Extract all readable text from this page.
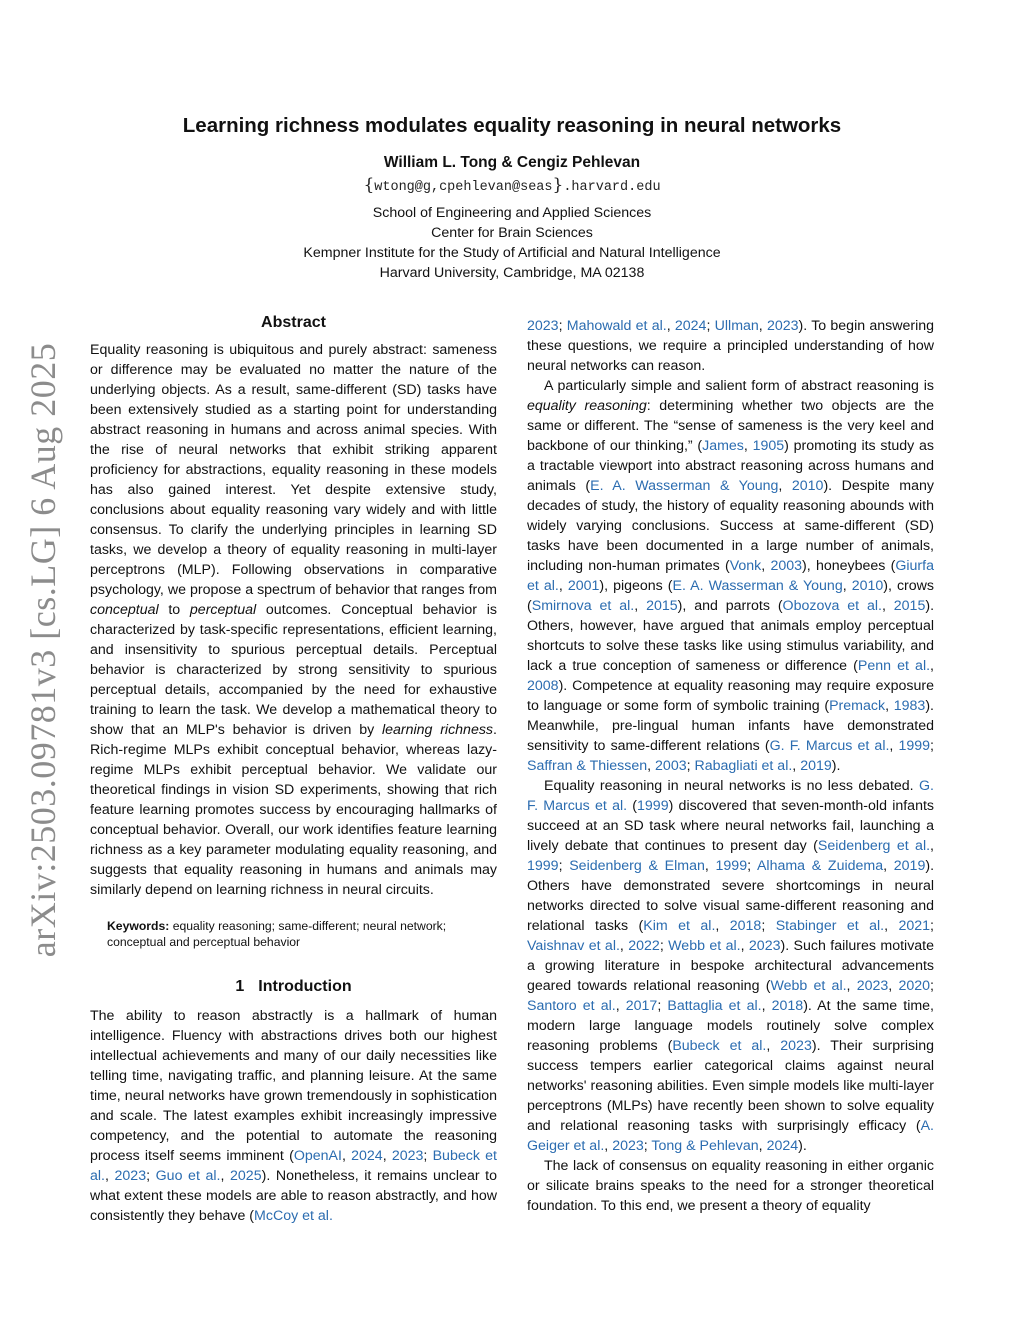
arXiv:2503.09781v3 [cs.LG] 6 Aug 2025
Learning richness modulates equality reasoning in neural networks
William L. Tong & Cengiz Pehlevan
{wtong@g,cpehlevan@seas}.harvard.edu
School of Engineering and Applied Sciences
Center for Brain Sciences
Kempner Institute for the Study of Artificial and Natural Intelligence
Harvard University, Cambridge, MA 02138
Abstract

Equality reasoning is ubiquitous and purely abstract: sameness or difference may be evaluated no matter the nature of the underlying objects. As a result, same-different (SD) tasks have been extensively studied as a starting point for understanding abstract reasoning in humans and across animal species. With the rise of neural networks that exhibit striking apparent proficiency for abstractions, equality reasoning in these models has also gained interest. Yet despite extensive study, conclusions about equality reasoning vary widely and with little consensus. To clarify the underlying principles in learning SD tasks, we develop a theory of equality reasoning in multi-layer perceptrons (MLP). Following observations in comparative psychology, we propose a spectrum of behavior that ranges from conceptual to perceptual outcomes. Conceptual behavior is characterized by task-specific representations, efficient learning, and insensitivity to spurious perceptual details. Perceptual behavior is characterized by strong sensitivity to spurious perceptual details, accompanied by the need for exhaustive training to learn the task. We develop a mathematical theory to show that an MLP's behavior is driven by learning richness. Rich-regime MLPs exhibit conceptual behavior, whereas lazy-regime MLPs exhibit perceptual behavior. We validate our theoretical findings in vision SD experiments, showing that rich feature learning promotes success by encouraging hallmarks of conceptual behavior. Overall, our work identifies feature learning richness as a key parameter modulating equality reasoning, and suggests that equality reasoning in humans and animals may similarly depend on learning richness in neural circuits.

Keywords: equality reasoning; same-different; neural network; conceptual and perceptual behavior
1 Introduction

The ability to reason abstractly is a hallmark of human intelligence. Fluency with abstractions drives both our highest intellectual achievements and many of our daily necessities like telling time, navigating traffic, and planning leisure. At the same time, neural networks have grown tremendously in sophistication and scale. The latest examples exhibit increasingly impressive competency, and the potential to automate the reasoning process itself seems imminent (OpenAI, 2024, 2023; Bubeck et al., 2023; Guo et al., 2025). Nonetheless, it remains unclear to what extent these models are able to reason abstractly, and how consistently they behave (McCoy et al.

2023; Mahowald et al., 2024; Ullman, 2023). To begin answering these questions, we require a principled understanding of how neural networks can reason.

A particularly simple and salient form of abstract reasoning is equality reasoning: determining whether two objects are the same or different. The “sense of sameness is the very keel and backbone of our thinking,” (James, 1905) promoting its study as a tractable viewport into abstract reasoning across humans and animals (E. A. Wasserman & Young, 2010). Despite many decades of study, the history of equality reasoning abounds with widely varying conclusions. Success at same-different (SD) tasks have been documented in a large number of animals, including non-human primates (Vonk, 2003), honeybees (Giurfa et al., 2001), pigeons (E. A. Wasserman & Young, 2010), crows (Smirnova et al., 2015), and parrots (Obozova et al., 2015). Others, however, have argued that animals employ perceptual shortcuts to solve these tasks like using stimulus variability, and lack a true conception of sameness or difference (Penn et al., 2008). Competence at equality reasoning may require exposure to language or some form of symbolic training (Premack, 1983). Meanwhile, pre-lingual human infants have demonstrated sensitivity to same-different relations (G. F. Marcus et al., 1999; Saffran & Thiessen, 2003; Rabagliati et al., 2019).

Equality reasoning in neural networks is no less debated. G. F. Marcus et al. (1999) discovered that seven-month-old infants succeed at an SD task where neural networks fail, launching a lively debate that continues to present day (Seidenberg et al., 1999; Seidenberg & Elman, 1999; Alhama & Zuidema, 2019). Others have demonstrated severe shortcomings in neural networks directed to solve visual same-different reasoning and relational tasks (Kim et al., 2018; Stabinger et al., 2021; Vaishnav et al., 2022; Webb et al., 2023). Such failures motivate a growing literature in bespoke architectural advancements geared towards relational reasoning (Webb et al., 2023, 2020; Santoro et al., 2017; Battaglia et al., 2018). At the same time, modern large language models routinely solve complex reasoning problems (Bubeck et al., 2023). Their surprising success tempers earlier categorical claims against neural networks' reasoning abilities. Even simple models like multi-layer perceptrons (MLPs) have recently been shown to solve equality and relational reasoning tasks with surprisingly efficacy (A. Geiger et al., 2023; Tong & Pehlevan, 2024).

The lack of consensus on equality reasoning in either organic or silicate brains speaks to the need for a stronger theoretical foundation. To this end, we present a theory of equality
